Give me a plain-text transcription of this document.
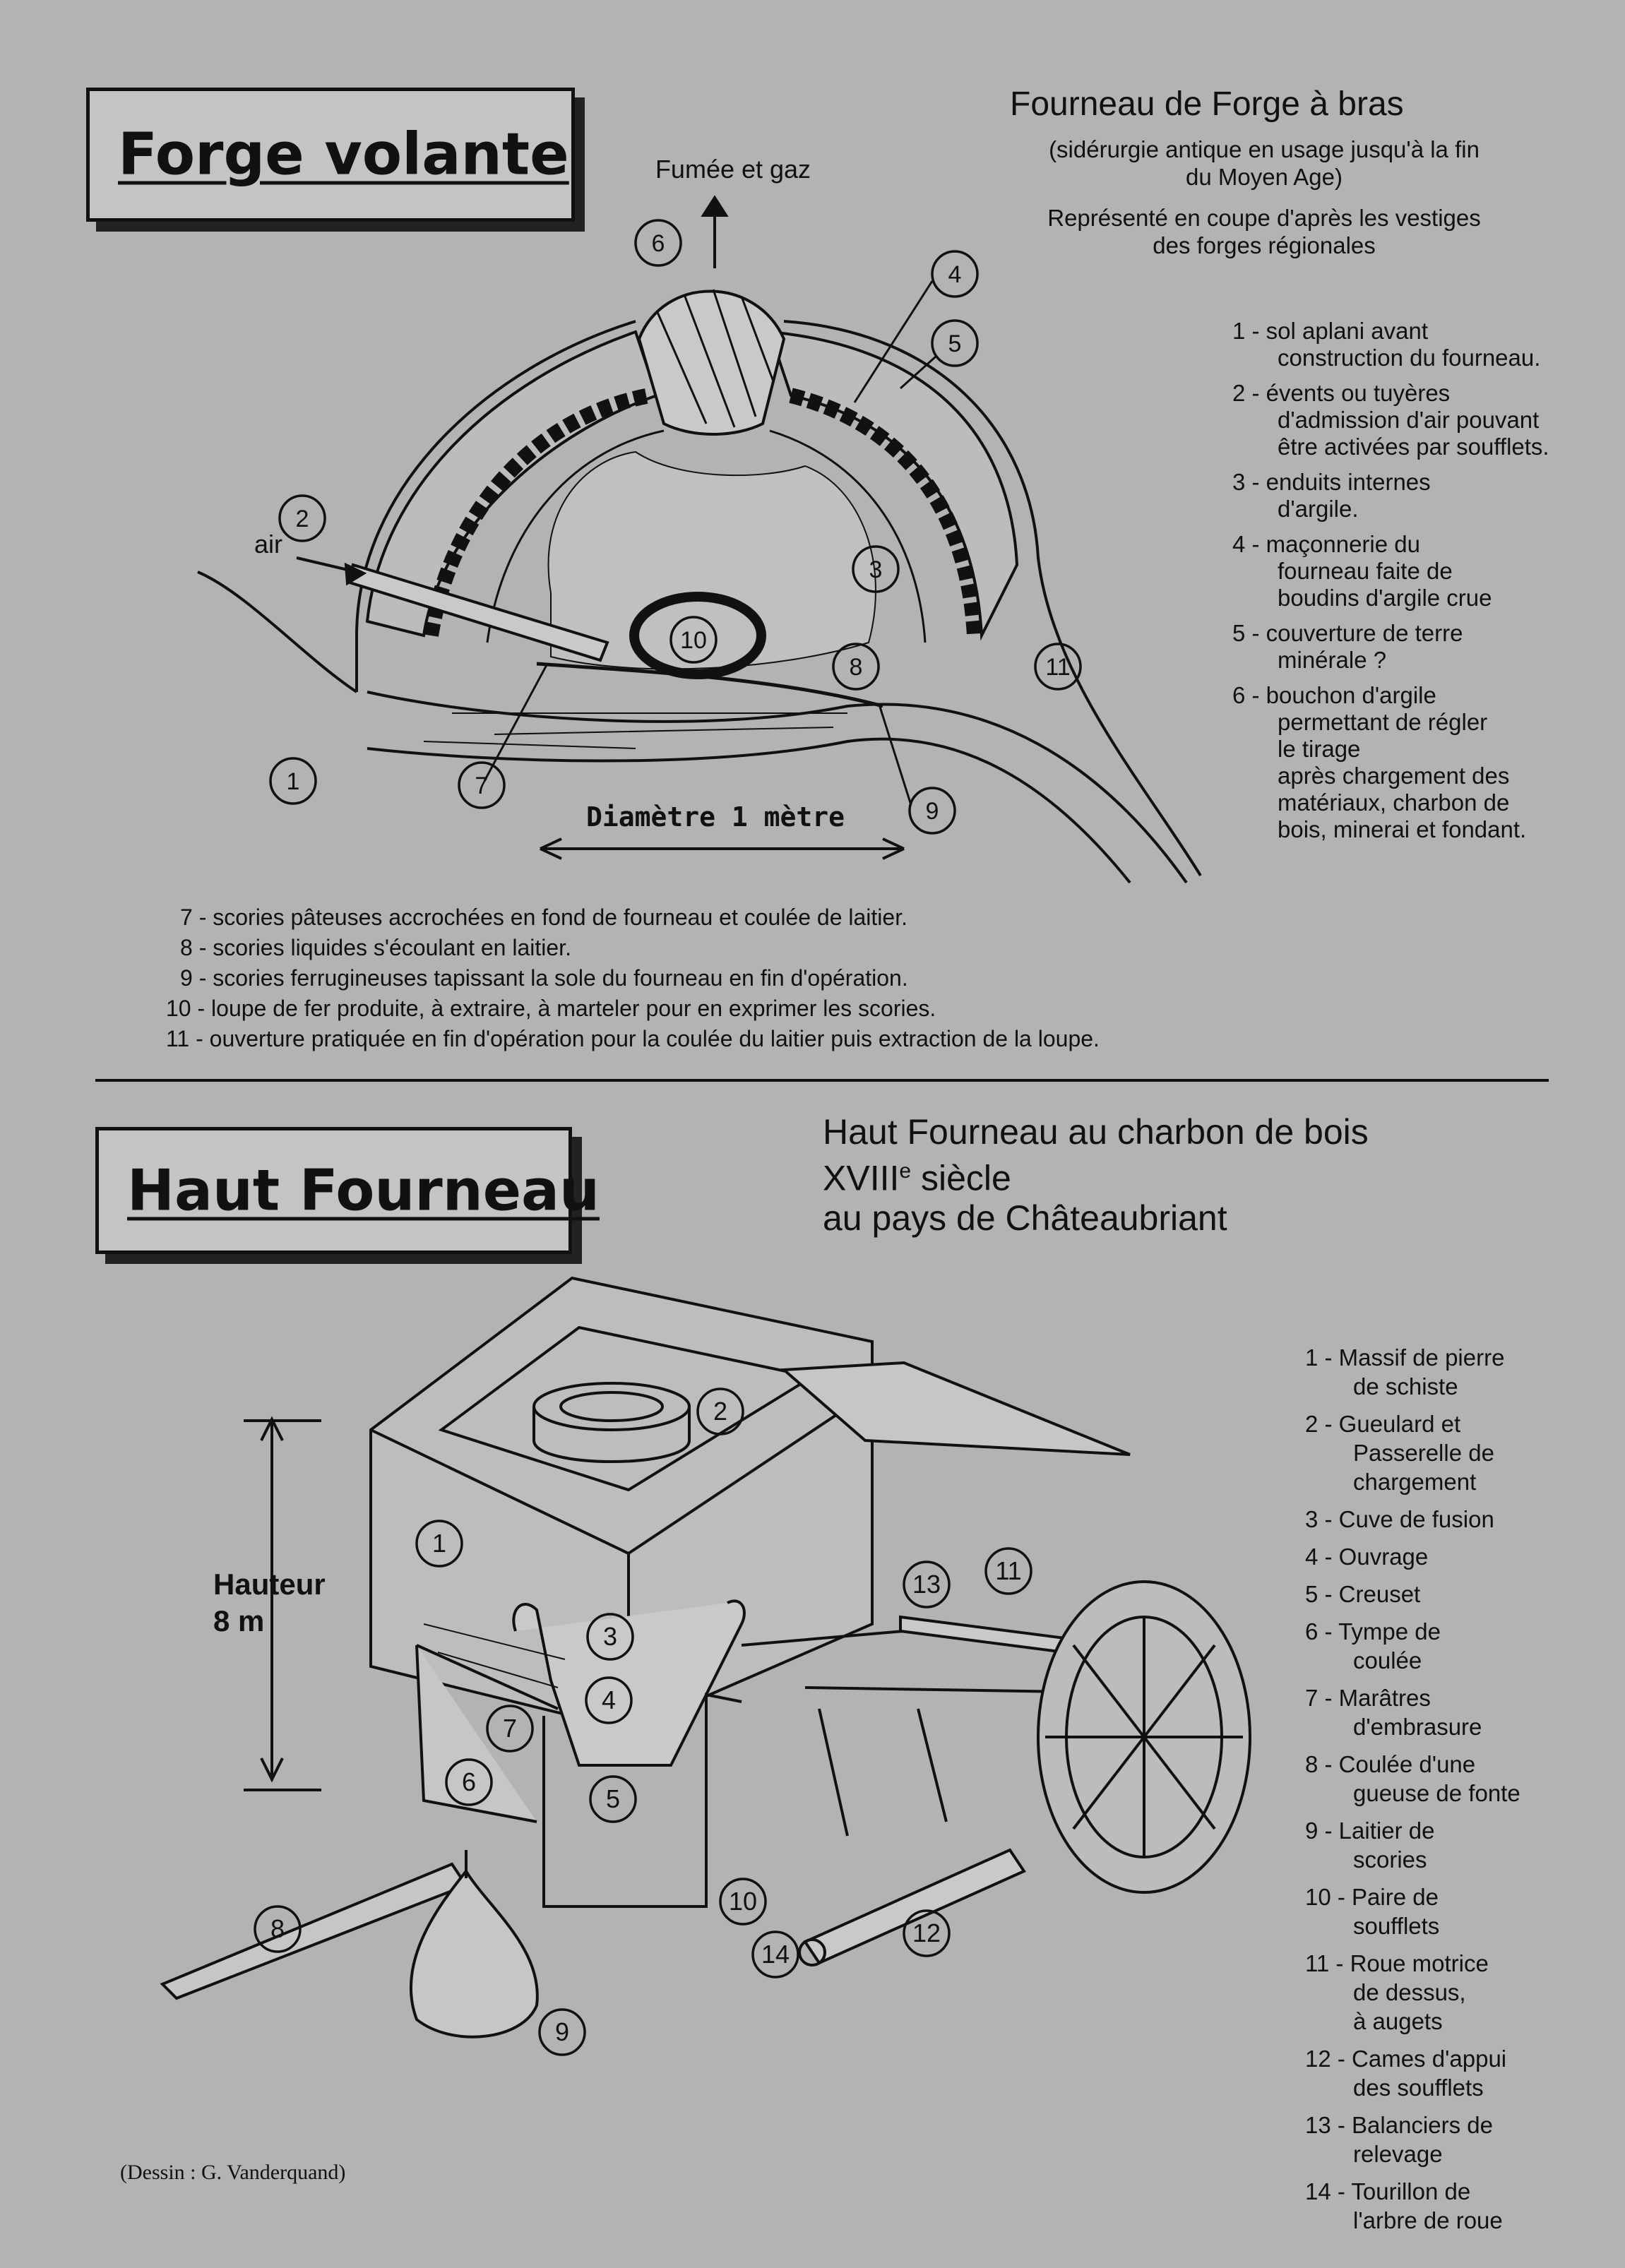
Forge volante
Fourneau de Forge à bras
(sidérurgie antique en usage jusqu'à la fin
du Moyen Age)
Représenté en coupe d'après les vestiges
des forges régionales
1 - sol aplani avant
construction du fourneau.
2 - évents ou tuyères
d'admission d'air pouvant
être activées par soufflets.
3 - enduits internes
d'argile.
4 - maçonnerie du
fourneau faite de
boudins d'argile crue
5 - couverture de terre
minérale ?
6 - bouchon d'argile
permettant de régler
le tirage
après chargement des
matériaux, charbon de
bois, minerai et fondant.
1
2
3
4
5
6
7
8
9
10
11
Fumée et gaz
air
Diamètre 1 mètre
7 - scories pâteuses accrochées en fond de fourneau et coulée de laitier.
8 - scories liquides s'écoulant en laitier.
9 - scories ferrugineuses tapissant la sole du fourneau en fin d'opération.
10 - loupe de fer produite, à extraire, à marteler pour en exprimer les scories.
11 - ouverture pratiquée en fin d'opération pour la coulée du laitier puis extraction de la loupe.
Haut Fourneau
Haut Fourneau au charbon de bois
XVIIIe siècle
au pays de Châteaubriant
1 - Massif de pierre
de schiste
2 - Gueulard et
Passerelle de
chargement
3 - Cuve de fusion
4 - Ouvrage
5 - Creuset
6 - Tympe de
coulée
7 - Marâtres
d'embrasure
8 - Coulée d'une
gueuse de fonte
9 - Laitier de
scories
10 - Paire de
soufflets
11 - Roue motrice
de dessus,
à augets
12 - Cames d'appui
des soufflets
13 - Balanciers de
relevage
14 - Tourillon de
l'arbre de roue
1
2
3
4
5
6
7
8
9
10
11
12
13
14
Hauteur
8 m
(Dessin : G. Vanderquand)
